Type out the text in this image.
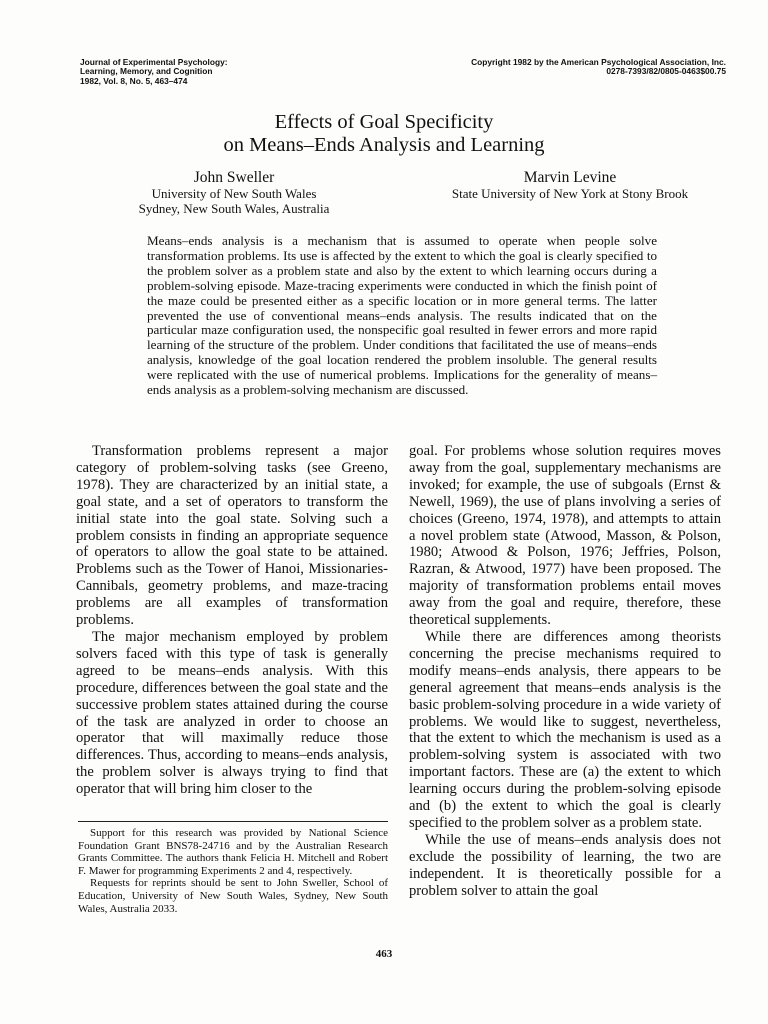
Journal of Experimental Psychology:
Learning, Memory, and Cognition
1982, Vol. 8, No. 5, 463–474
Copyright 1982 by the American Psychological Association, Inc.
0278-7393/82/0805-0463$00.75
Effects of Goal Specificity
on Means–Ends Analysis and Learning
John Sweller
University of New South Wales
Sydney, New South Wales, Australia
Marvin Levine
State University of New York at Stony Brook
Means–ends analysis is a mechanism that is assumed to operate when people solve transformation problems. Its use is affected by the extent to which the goal is clearly specified to the problem solver as a problem state and also by the extent to which learning occurs during a problem-solving episode. Maze-tracing experiments were conducted in which the finish point of the maze could be presented either as a specific location or in more general terms. The latter prevented the use of conventional means–ends analysis. The results indicated that on the particular maze configuration used, the nonspecific goal resulted in fewer errors and more rapid learning of the structure of the problem. Under conditions that facilitated the use of means–ends analysis, knowledge of the goal location rendered the problem insoluble. The general results were replicated with the use of numerical problems. Implications for the generality of means–ends analysis as a problem-solving mechanism are discussed.

Transformation problems represent a major category of problem-solving tasks (see Greeno, 1978). They are characterized by an initial state, a goal state, and a set of operators to transform the initial state into the goal state. Solving such a problem consists in finding an appropriate sequence of operators to allow the goal state to be attained. Problems such as the Tower of Hanoi, Missionaries-Cannibals, geometry problems, and maze-tracing problems are all examples of transformation problems.

The major mechanism employed by problem solvers faced with this type of task is generally agreed to be means–ends analysis. With this procedure, differences between the goal state and the successive problem states attained during the course of the task are analyzed in order to choose an operator that will maximally reduce those differences. Thus, according to means–ends analysis, the problem solver is always trying to find that operator that will bring him closer to the

goal. For problems whose solution requires moves away from the goal, supplementary mechanisms are invoked; for example, the use of subgoals (Ernst & Newell, 1969), the use of plans involving a series of choices (Greeno, 1974, 1978), and attempts to attain a novel problem state (Atwood, Masson, & Polson, 1980; Atwood & Polson, 1976; Jeffries, Polson, Razran, & Atwood, 1977) have been proposed. The majority of transformation problems entail moves away from the goal and require, therefore, these theoretical supplements.

While there are differences among theorists concerning the precise mechanisms required to modify means–ends analysis, there appears to be general agreement that means–ends analysis is the basic problem-solving procedure in a wide variety of problems. We would like to suggest, nevertheless, that the extent to which the mechanism is used as a problem-solving system is associated with two important factors. These are (a) the extent to which learning occurs during the problem-solving episode and (b) the extent to which the goal is clearly specified to the problem solver as a problem state.

While the use of means–ends analysis does not exclude the possibility of learning, the two are independent. It is theoretically possible for a problem solver to attain the goal

Support for this research was provided by National Science Foundation Grant BNS78-24716 and by the Australian Research Grants Committee. The authors thank Felicia H. Mitchell and Robert F. Mawer for programming Experiments 2 and 4, respectively.

Requests for reprints should be sent to John Sweller, School of Education, University of New South Wales, Sydney, New South Wales, Australia 2033.

463
